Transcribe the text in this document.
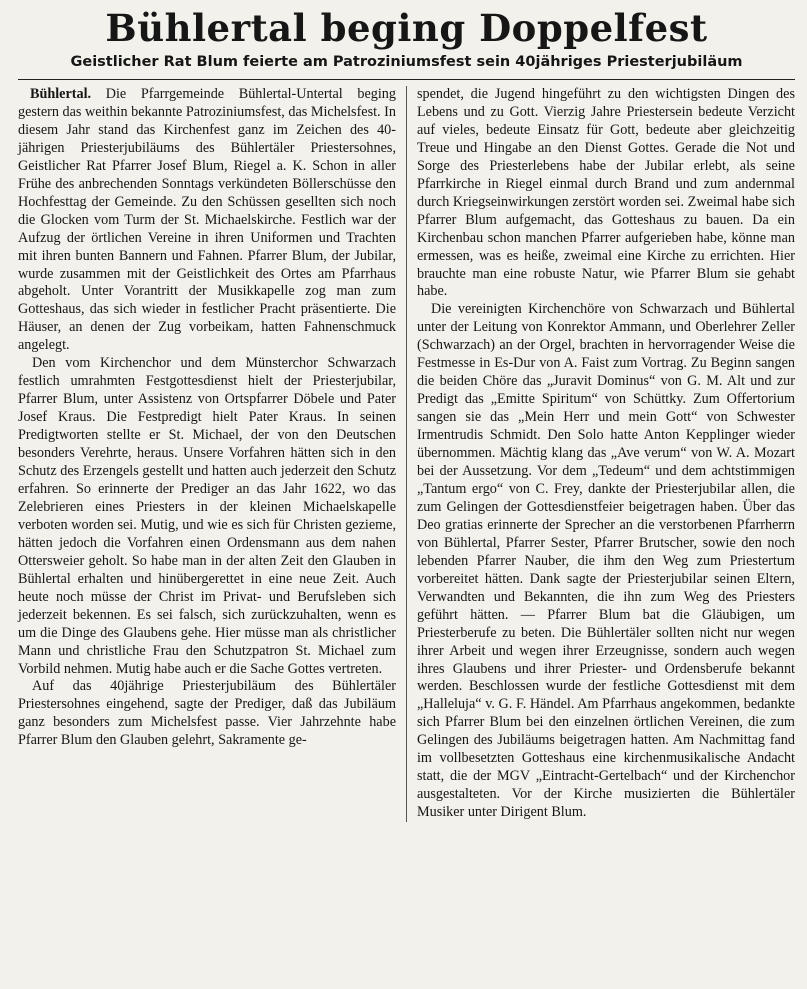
Bühlertal beging Doppelfest
Geistlicher Rat Blum feierte am Patroziniumsfest sein 40jähriges Priesterjubiläum

Bühlertal. Die Pfarrgemeinde Bühlertal-Untertal beging gestern das weithin bekannte Patroziniumsfest, das Michelsfest. In diesem Jahr stand das Kirchenfest ganz im Zeichen des 40-jährigen Priesterjubiläums des Bühlertäler Priestersohnes, Geistlicher Rat Pfarrer Josef Blum, Riegel a. K. Schon in aller Frühe des anbrechenden Sonntags verkündeten Böllerschüsse den Hochfesttag der Gemeinde. Zu den Schüssen gesellten sich noch die Glocken vom Turm der St. Michaelskirche. Festlich war der Aufzug der örtlichen Vereine in ihren Uniformen und Trachten mit ihren bunten Bannern und Fahnen. Pfarrer Blum, der Jubilar, wurde zusammen mit der Geistlichkeit des Ortes am Pfarrhaus abgeholt. Unter Vorantritt der Musikkapelle zog man zum Gotteshaus, das sich wieder in festlicher Pracht präsentierte. Die Häuser, an denen der Zug vorbeikam, hatten Fahnenschmuck angelegt.

Den vom Kirchenchor und dem Münsterchor Schwarzach festlich umrahmten Festgottesdienst hielt der Priesterjubilar, Pfarrer Blum, unter Assistenz von Ortspfarrer Döbele und Pater Josef Kraus. Die Festpredigt hielt Pater Kraus. In seinen Predigtworten stellte er St. Michael, der von den Deutschen besonders Verehrte, heraus. Unsere Vorfahren hätten sich in den Schutz des Erzengels gestellt und hatten auch jederzeit den Schutz erfahren. So erinnerte der Prediger an das Jahr 1622, wo das Zelebrieren eines Priesters in der kleinen Michaelskapelle verboten worden sei. Mutig, und wie es sich für Christen gezieme, hätten jedoch die Vorfahren einen Ordensmann aus dem nahen Ottersweier geholt. So habe man in der alten Zeit den Glauben in Bühlertal erhalten und hinübergerettet in eine neue Zeit. Auch heute noch müsse der Christ im Privat- und Berufsleben sich jederzeit bekennen. Es sei falsch, sich zurückzuhalten, wenn es um die Dinge des Glaubens gehe. Hier müsse man als christlicher Mann und christliche Frau den Schutzpatron St. Michael zum Vorbild nehmen. Mutig habe auch er die Sache Gottes vertreten.

Auf das 40jährige Priesterjubiläum des Bühlertäler Priestersohnes eingehend, sagte der Prediger, daß das Jubiläum ganz besonders zum Michelsfest passe. Vier Jahrzehnte habe Pfarrer Blum den Glauben gelehrt, Sakramente ge-

spendet, die Jugend hingeführt zu den wichtigsten Dingen des Lebens und zu Gott. Vierzig Jahre Priestersein bedeute Verzicht auf vieles, bedeute Einsatz für Gott, bedeute aber gleichzeitig Treue und Hingabe an den Dienst Gottes. Gerade die Not und Sorge des Priesterlebens habe der Jubilar erlebt, als seine Pfarrkirche in Riegel einmal durch Brand und zum andernmal durch Kriegseinwirkungen zerstört worden sei. Zweimal habe sich Pfarrer Blum aufgemacht, das Gotteshaus zu bauen. Da ein Kirchenbau schon manchen Pfarrer aufgerieben habe, könne man ermessen, was es heiße, zweimal eine Kirche zu errichten. Hier brauchte man eine robuste Natur, wie Pfarrer Blum sie gehabt habe.

Die vereinigten Kirchenchöre von Schwarzach und Bühlertal unter der Leitung von Konrektor Ammann, und Oberlehrer Zeller (Schwarzach) an der Orgel, brachten in hervorragender Weise die Festmesse in Es-Dur von A. Faist zum Vortrag. Zu Beginn sangen die beiden Chöre das „Juravit Dominus“ von G. M. Alt und zur Predigt das „Emitte Spiritum“ von Schüttky. Zum Offertorium sangen sie das „Mein Herr und mein Gott“ von Schwester Irmentrudis Schmidt. Den Solo hatte Anton Kepplinger wieder übernommen. Mächtig klang das „Ave verum“ von W. A. Mozart bei der Aussetzung. Vor dem „Tedeum“ und dem achtstimmigen „Tantum ergo“ von C. Frey, dankte der Priesterjubilar allen, die zum Gelingen der Gottesdienstfeier beigetragen haben. Über das Deo gratias erinnerte der Sprecher an die verstorbenen Pfarrherrn von Bühlertal, Pfarrer Sester, Pfarrer Brutscher, sowie den noch lebenden Pfarrer Nauber, die ihm den Weg zum Priestertum vorbereitet hätten. Dank sagte der Priesterjubilar seinen Eltern, Verwandten und Bekannten, die ihn zum Weg des Priesters geführt hätten. — Pfarrer Blum bat die Gläubigen, um Priesterberufe zu beten. Die Bühlertäler sollten nicht nur wegen ihrer Arbeit und wegen ihrer Erzeugnisse, sondern auch wegen ihres Glaubens und ihrer Priester- und Ordensberufe bekannt werden. Beschlossen wurde der festliche Gottesdienst mit dem „Halleluja“ v. G. F. Händel. Am Pfarrhaus angekommen, bedankte sich Pfarrer Blum bei den einzelnen örtlichen Vereinen, die zum Gelingen des Jubiläums beigetragen hatten. Am Nachmittag fand im vollbesetzten Gotteshaus eine kirchenmusikalische Andacht statt, die der MGV „Eintracht-Gertelbach“ und der Kirchenchor ausgestalteten. Vor der Kirche musizierten die Bühlertäler Musiker unter Dirigent Blum.
